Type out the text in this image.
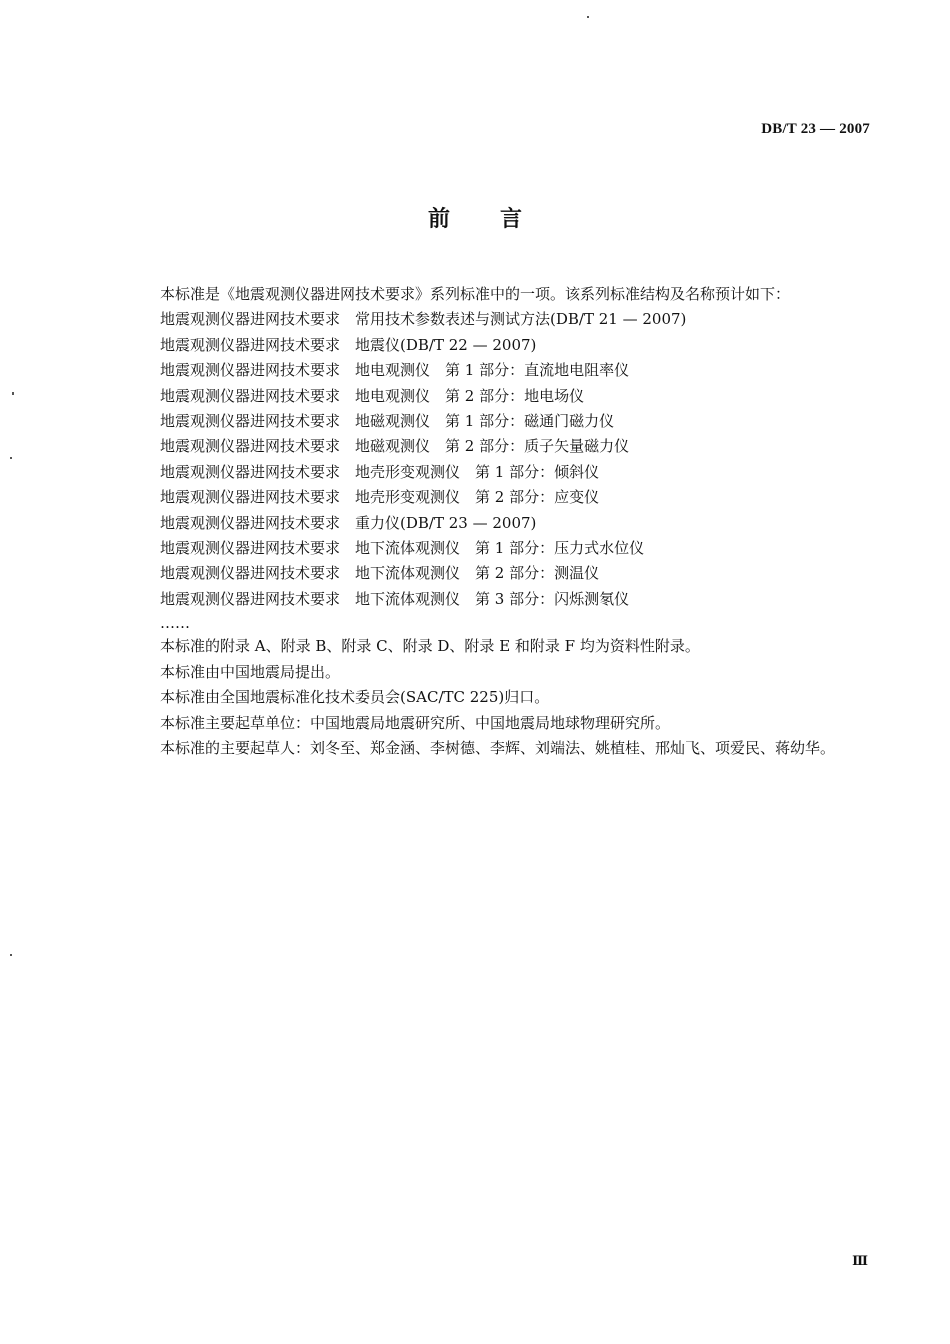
DB/T 23 — 2007
前言

本标准是《地震观测仪器进网技术要求》系列标准中的一项。该系列标准结构及名称预计如下：

地震观测仪器进网技术要求　常用技术参数表述与测试方法(DB/T 21 — 2007)
地震观测仪器进网技术要求　地震仪(DB/T 22 — 2007)
地震观测仪器进网技术要求　地电观测仪　第 1 部分：直流地电阻率仪
地震观测仪器进网技术要求　地电观测仪　第 2 部分：地电场仪
地震观测仪器进网技术要求　地磁观测仪　第 1 部分：磁通门磁力仪
地震观测仪器进网技术要求　地磁观测仪　第 2 部分：质子矢量磁力仪
地震观测仪器进网技术要求　地壳形变观测仪　第 1 部分：倾斜仪
地震观测仪器进网技术要求　地壳形变观测仪　第 2 部分：应变仪
地震观测仪器进网技术要求　重力仪(DB/T 23 — 2007)
地震观测仪器进网技术要求　地下流体观测仪　第 1 部分：压力式水位仪
地震观测仪器进网技术要求　地下流体观测仪　第 2 部分：测温仪
地震观测仪器进网技术要求　地下流体观测仪　第 3 部分：闪烁测氡仪

……

本标准的附录 A、附录 B、附录 C、附录 D、附录 E 和附录 F 均为资料性附录。

本标准由中国地震局提出。

本标准由全国地震标准化技术委员会(SAC/TC 225)归口。

本标准主要起草单位：中国地震局地震研究所、中国地震局地球物理研究所。

本标准的主要起草人：刘冬至、郑金涵、李树德、李辉、刘端法、姚植桂、邢灿飞、项爱民、蒋幼华。

Ⅲ
